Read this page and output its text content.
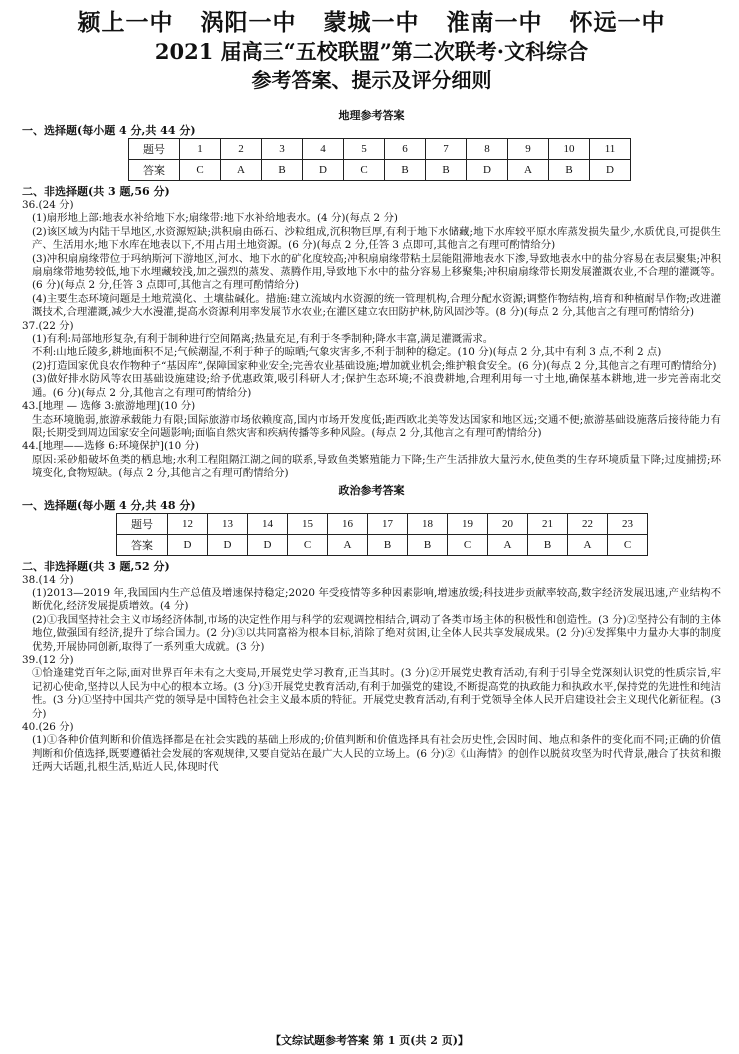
颍上一中   涡阳一中   蒙城一中   淮南一中   怀远一中
2021 届高三“五校联盟”第二次联考·文科综合
参考答案、提示及评分细则
地理参考答案
一、选择题(每小题 4 分,共 44 分)
题号	1	2	3	4	5	6	7	8	9	10	11
答案	C	A	B	D	C	B	B	D	A	B	D
二、非选择题(共 3 题,56 分)

36.(24 分)

(1)扇形地上部:地表水补给地下水;扇缘带:地下水补给地表水。(4 分)(每点 2 分)

(2)该区域为内陆干旱地区,水资源短缺;洪积扇由砾石、沙粒组成,沉积物巨厚,有利于地下水储藏;地下水库较平原水库蒸发损失量少,水质优良,可提供生产、生活用水;地下水库在地表以下,不用占用土地资源。(6 分)(每点 2 分,任答 3 点即可,其他言之有理可酌情给分)

(3)冲积扇扇缘带位于玛纳斯河下游地区,河水、地下水的矿化度较高;冲积扇扇缘带粘土层能阻滞地表水下渗,导致地表水中的盐分容易在表层聚集;冲积扇扇缘带地势较低,地下水埋藏较浅,加之强烈的蒸发、蒸腾作用,导致地下水中的盐分容易上移聚集;冲积扇扇缘带长期发展灌溉农业,不合理的灌溉等。(6 分)(每点 2 分,任答 3 点即可,其他言之有理可酌情给分)

(4)主要生态环境问题是土地荒漠化、土壤盐碱化。措施:建立流域内水资源的统一管理机构,合理分配水资源;调整作物结构,培育和种植耐旱作物;改进灌溉技术,合理灌溉,减少大水漫灌,提高水资源利用率发展节水农业;在灌区建立农田防护林,防风固沙等。(8 分)(每点 2 分,其他言之有理可酌情给分)

37.(22 分)

(1)有利:局部地形复杂,有利于制种进行空间隔离;热量充足,有利于冬季制种;降水丰富,满足灌溉需求。

不利:山地丘陵多,耕地面积不足;气候潮湿,不利于种子的晾晒;气象灾害多,不利于制种的稳定。(10 分)(每点 2 分,其中有利 3 点,不利 2 点)

(2)打造国家优良农作物种子“基因库”,保障国家种业安全;完善农业基础设施;增加就业机会;维护粮食安全。(6 分)(每点 2 分,其他言之有理可酌情给分)

(3)做好排水防风等农田基础设施建设;给予优惠政策,吸引科研人才;保护生态环境;不浪费耕地,合理利用每一寸土地,确保基本耕地,进一步完善南北交通。(6 分)(每点 2 分,其他言之有理可酌情给分)

43.[地理 — 选修 3:旅游地理](10 分)

生态环境脆弱,旅游承载能力有限;国际旅游市场依赖度高,国内市场开发度低;距西欧北美等发达国家和地区远;交通不便;旅游基础设施落后接待能力有限;长期受到周边国家安全问题影响;面临自然灾害和疾病传播等多种风险。(每点 2 分,其他言之有理可酌情给分)

44.[地理——选修 6:环境保护](10 分)

原因:采砂船破坏鱼类的栖息地;水利工程阻隔江湖之间的联系,导致鱼类繁殖能力下降;生产生活排放大量污水,使鱼类的生存环境质量下降;过度捕捞;环境变化,食物短缺。(每点 2 分,其他言之有理可酌情给分)

政治参考答案
一、选择题(每小题 4 分,共 48 分)
题号	12	13	14	15	16	17	18	19	20	21	22	23
答案	D	D	D	C	A	B	B	C	A	B	A	C
二、非选择题(共 3 题,52 分)

38.(14 分)

(1)2013—2019 年,我国国内生产总值及增速保持稳定;2020 年受疫情等多种因素影响,增速放缓;科技进步贡献率较高,数字经济发展迅速,产业结构不断优化,经济发展提质增效。(4 分)

(2)①我国坚持社会主义市场经济体制,市场的决定性作用与科学的宏观调控相结合,调动了各类市场主体的积极性和创造性。(3 分)②坚持公有制的主体地位,做强国有经济,提升了综合国力。(2 分)③以共同富裕为根本目标,消除了绝对贫困,让全体人民共享发展成果。(2 分)④发挥集中力量办大事的制度优势,开展协同创新,取得了一系列重大成就。(3 分)

39.(12 分)

①恰逢建党百年之际,面对世界百年未有之大变局,开展党史学习教育,正当其时。(3 分)②开展党史教育活动,有利于引导全党深刻认识党的性质宗旨,牢记初心使命,坚持以人民为中心的根本立场。(3 分)③开展党史教育活动,有利于加强党的建设,不断提高党的执政能力和执政水平,保持党的先进性和纯洁性。(3 分)①坚持中国共产党的领导是中国特色社会主义最本质的特征。开展党史教育活动,有利于党领导全体人民开启建设社会主义现代化新征程。(3 分)

40.(26 分)

(1)①各种价值判断和价值选择都是在社会实践的基础上形成的;价值判断和价值选择具有社会历史性,会因时间、地点和条件的变化而不同;正确的价值判断和价值选择,既要遵循社会发展的客观规律,又要自觉站在最广大人民的立场上。(6 分)②《山海情》的创作以脱贫攻坚为时代背景,融合了扶贫和搬迁两大话题,扎根生活,贴近人民,体现时代

【文综试题参考答案 第 1 页(共 2 页)】
